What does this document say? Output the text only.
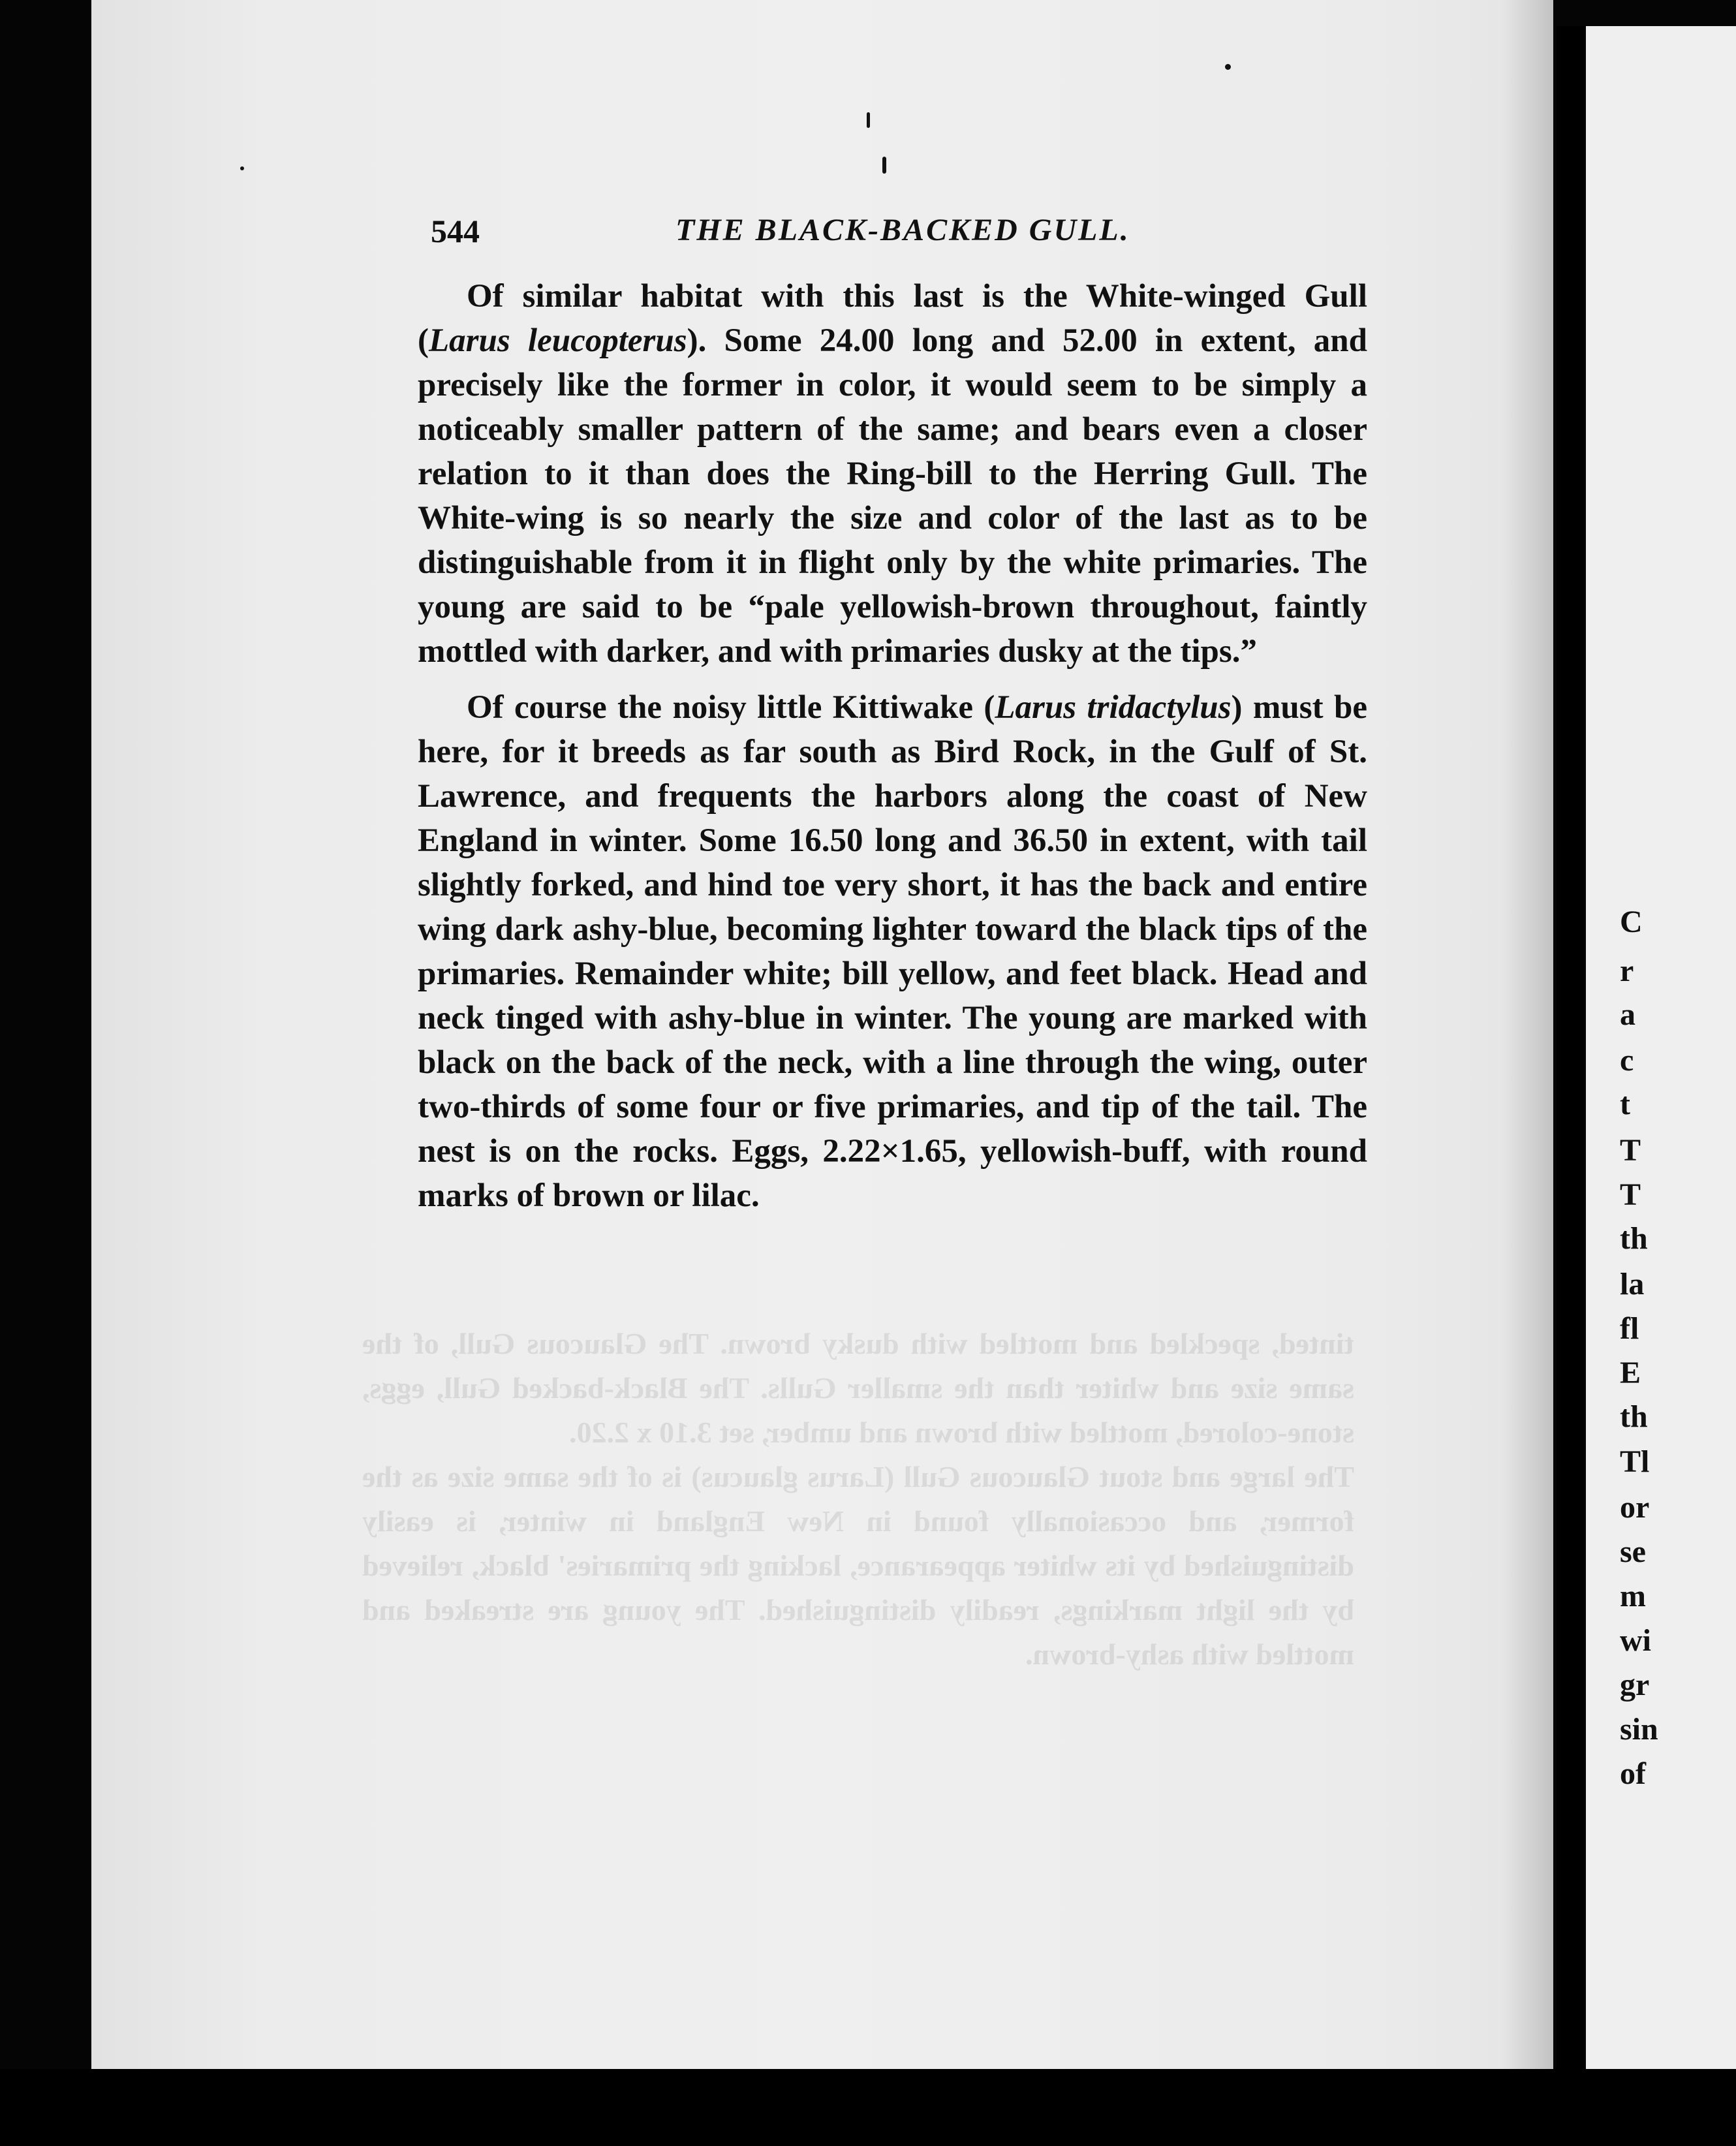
C
r
a
c
t
T
T
th
la
fl
E
th
Tl
or
se
m
wi
gr
sin
of

tinted, speckled and mottled with dusky brown. The Glaucous Gull, of the same size and whiter than the smaller Gulls. The Black-backed Gull, eggs, stone-colored, mottled with brown and umber, set 3.10 x 2.20.

The large and stout Glaucous Gull (Larus glaucus) is of the same size as the former, and occasionally found in New England in winter, is easily distinguished by its whiter appearance, lacking the primaries' black, relieved by the light markings, readily distinguished. The young are streaked and mottled with ashy-brown.

544	THE BLACK-BACKED GULL.

Of similar habitat with this last is the White-winged Gull (Larus leucopterus). Some 24.00 long and 52.00 in extent, and precisely like the former in color, it would seem to be simply a noticeably smaller pattern of the same; and bears even a closer relation to it than does the Ring-bill to the Herring Gull. The White-wing is so nearly the size and color of the last as to be distinguishable from it in flight only by the white primaries. The young are said to be “pale yellowish-brown throughout, faintly mottled with darker, and with primaries dusky at the tips.”

Of course the noisy little Kittiwake (Larus tridactylus) must be here, for it breeds as far south as Bird Rock, in the Gulf of St. Lawrence, and frequents the harbors along the coast of New England in winter. Some 16.50 long and 36.50 in extent, with tail slightly forked, and hind toe very short, it has the back and entire wing dark ashy-blue, becoming lighter toward the black tips of the primaries. Remainder white; bill yellow, and feet black. Head and neck tinged with ashy-blue in winter. The young are marked with black on the back of the neck, with a line through the wing, outer two-thirds of some four or five primaries, and tip of the tail. The nest is on the rocks. Eggs, 2.22×1.65, yellowish-buff, with round marks of brown or lilac.
